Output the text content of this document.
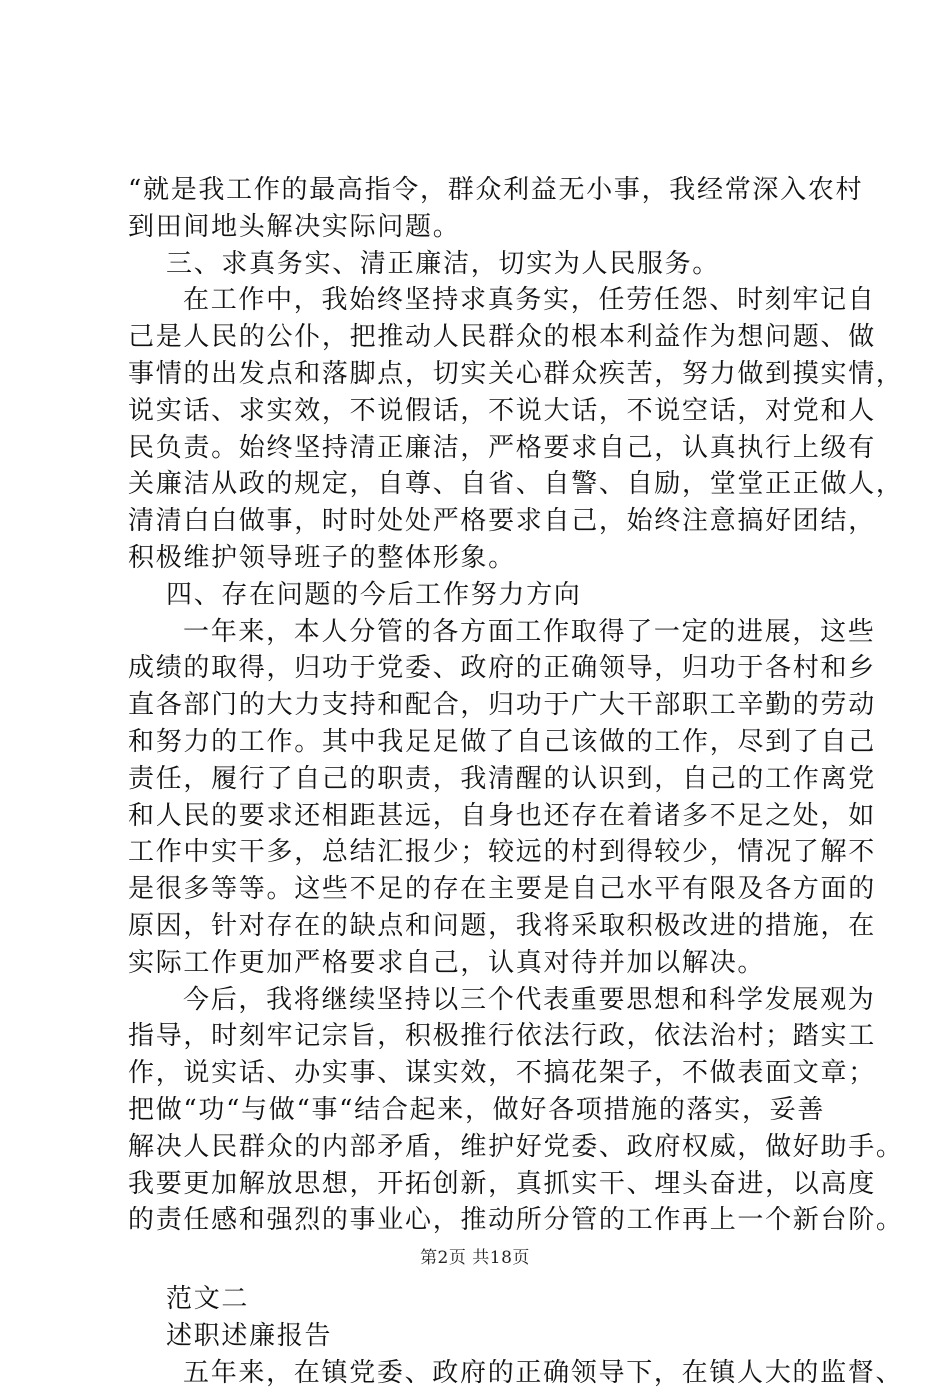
“就是我工作的最高指令，群众利益无小事，我经常深入农村
到田间地头解决实际问题。
三、求真务实、清正廉洁，切实为人民服务。
在工作中，我始终坚持求真务实，任劳任怨、时刻牢记自
己是人民的公仆，把推动人民群众的根本利益作为想问题、做
事情的出发点和落脚点，切实关心群众疾苦，努力做到摸实情，
说实话、求实效，不说假话，不说大话，不说空话，对党和人
民负责。始终坚持清正廉洁，严格要求自己，认真执行上级有
关廉洁从政的规定，自尊、自省、自警、自励，堂堂正正做人，
清清白白做事，时时处处严格要求自己，始终注意搞好团结，
积极维护领导班子的整体形象。
四、存在问题的今后工作努力方向
一年来，本人分管的各方面工作取得了一定的进展，这些
成绩的取得，归功于党委、政府的正确领导，归功于各村和乡
直各部门的大力支持和配合，归功于广大干部职工辛勤的劳动
和努力的工作。其中我足足做了自己该做的工作，尽到了自己
责任，履行了自己的职责，我清醒的认识到，自己的工作离党
和人民的要求还相距甚远，自身也还存在着诸多不足之处，如
工作中实干多，总结汇报少；较远的村到得较少，情况了解不
是很多等等。这些不足的存在主要是自己水平有限及各方面的
原因，针对存在的缺点和问题，我将采取积极改进的措施，在
实际工作更加严格要求自己，认真对待并加以解决。
今后，我将继续坚持以三个代表重要思想和科学发展观为
指导，时刻牢记宗旨，积极推行依法行政，依法治村；踏实工
作，说实话、办实事、谋实效，不搞花架子，不做表面文章；
把做“功“与做“事“结合起来，做好各项措施的落实，妥善
解决人民群众的内部矛盾，维护好党委、政府权威，做好助手。
我要更加解放思想，开拓创新，真抓实干、埋头奋进，以高度
的责任感和强烈的事业心，推动所分管的工作再上一个新台阶。
范文二
述职述廉报告
五年来，在镇党委、政府的正确领导下，在镇人大的监督、
第2页 共18页
